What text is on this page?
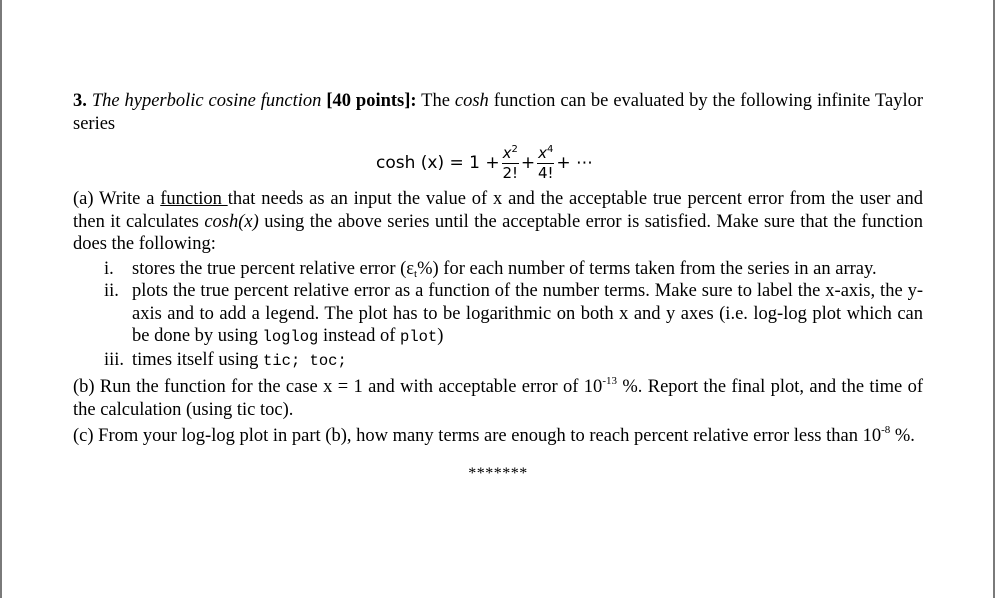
3. The hyperbolic cosine function [40 points]: The cosh function can be evaluated by the following infinite Taylor series

$\cosh (x) = 1 + \frac{x^2}{2!} + \frac{x^4}{4!}$ + ⋯

(a) Write a function that needs as an input the value of x and the acceptable true percent error from the user and then it calculates cosh(x) using the above series until the acceptable error is satisfied. Make sure that the function does the following:

i. stores the true percent relative error $(\varepsilon_t\%)$ for each number of terms taken from the series in an array.
ii. plots the true percent relative error as a function of the number terms. Make sure to label the x-axis, the y-axis and to add a legend. The plot has to be logarithmic on both x and y axes (i.e. log-log plot which can be done by using loglog instead of plot)
iii. times itself using tic; toc;

(b) Run the function for the case x = 1 and with acceptable error of $10^{-13}$ %. Report the final plot, and the time of the calculation (using tic toc).

(c) From your log-log plot in part (b), how many terms are enough to reach percent relative error less than $10^{-8}$ %.

*******
